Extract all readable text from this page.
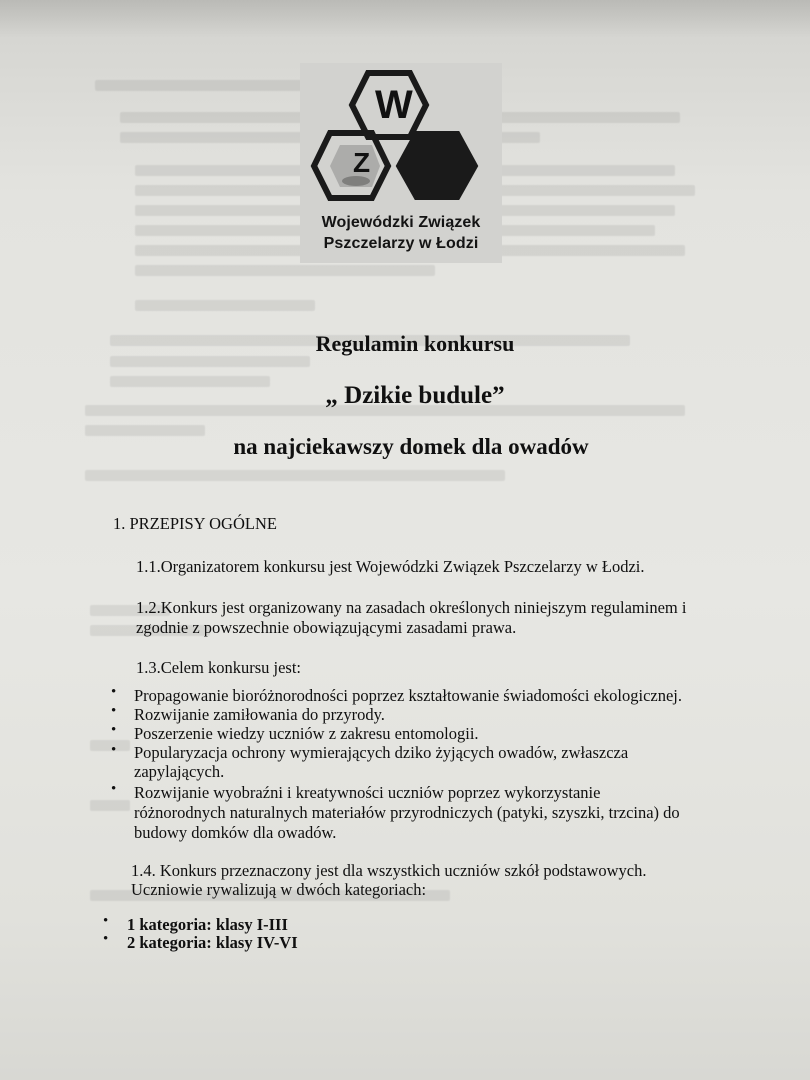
W
Z
Wojewódzki Związek
Pszczelarzy w Łodzi
Regulamin konkursu
„ Dzikie budule”
na najciekawszy domek dla owadów
1. PRZEPISY OGÓLNE
1.1.Organizatorem konkursu jest Wojewódzki Związek Pszczelarzy w Łodzi.
1.2.Konkurs jest organizowany na zasadach określonych niniejszym regulaminem i
zgodnie z powszechnie obowiązującymi zasadami prawa.
1.3.Celem konkursu jest:
• Propagowanie bioróżnorodności poprzez kształtowanie świadomości ekologicznej.
• Rozwijanie zamiłowania do przyrody.
• Poszerzenie wiedzy uczniów z zakresu entomologii.
• Popularyzacja ochrony wymierających dziko żyjących owadów, zwłaszcza
zapylających.
• Rozwijanie wyobraźni i kreatywności uczniów poprzez wykorzystanie
różnorodnych naturalnych materiałów przyrodniczych (patyki, szyszki, trzcina) do
budowy domków dla owadów.
1.4. Konkurs przeznaczony jest dla wszystkich uczniów szkół podstawowych.
Uczniowie rywalizują w dwóch kategoriach:
• 1 kategoria: klasy I-III
• 2 kategoria: klasy IV-VI
